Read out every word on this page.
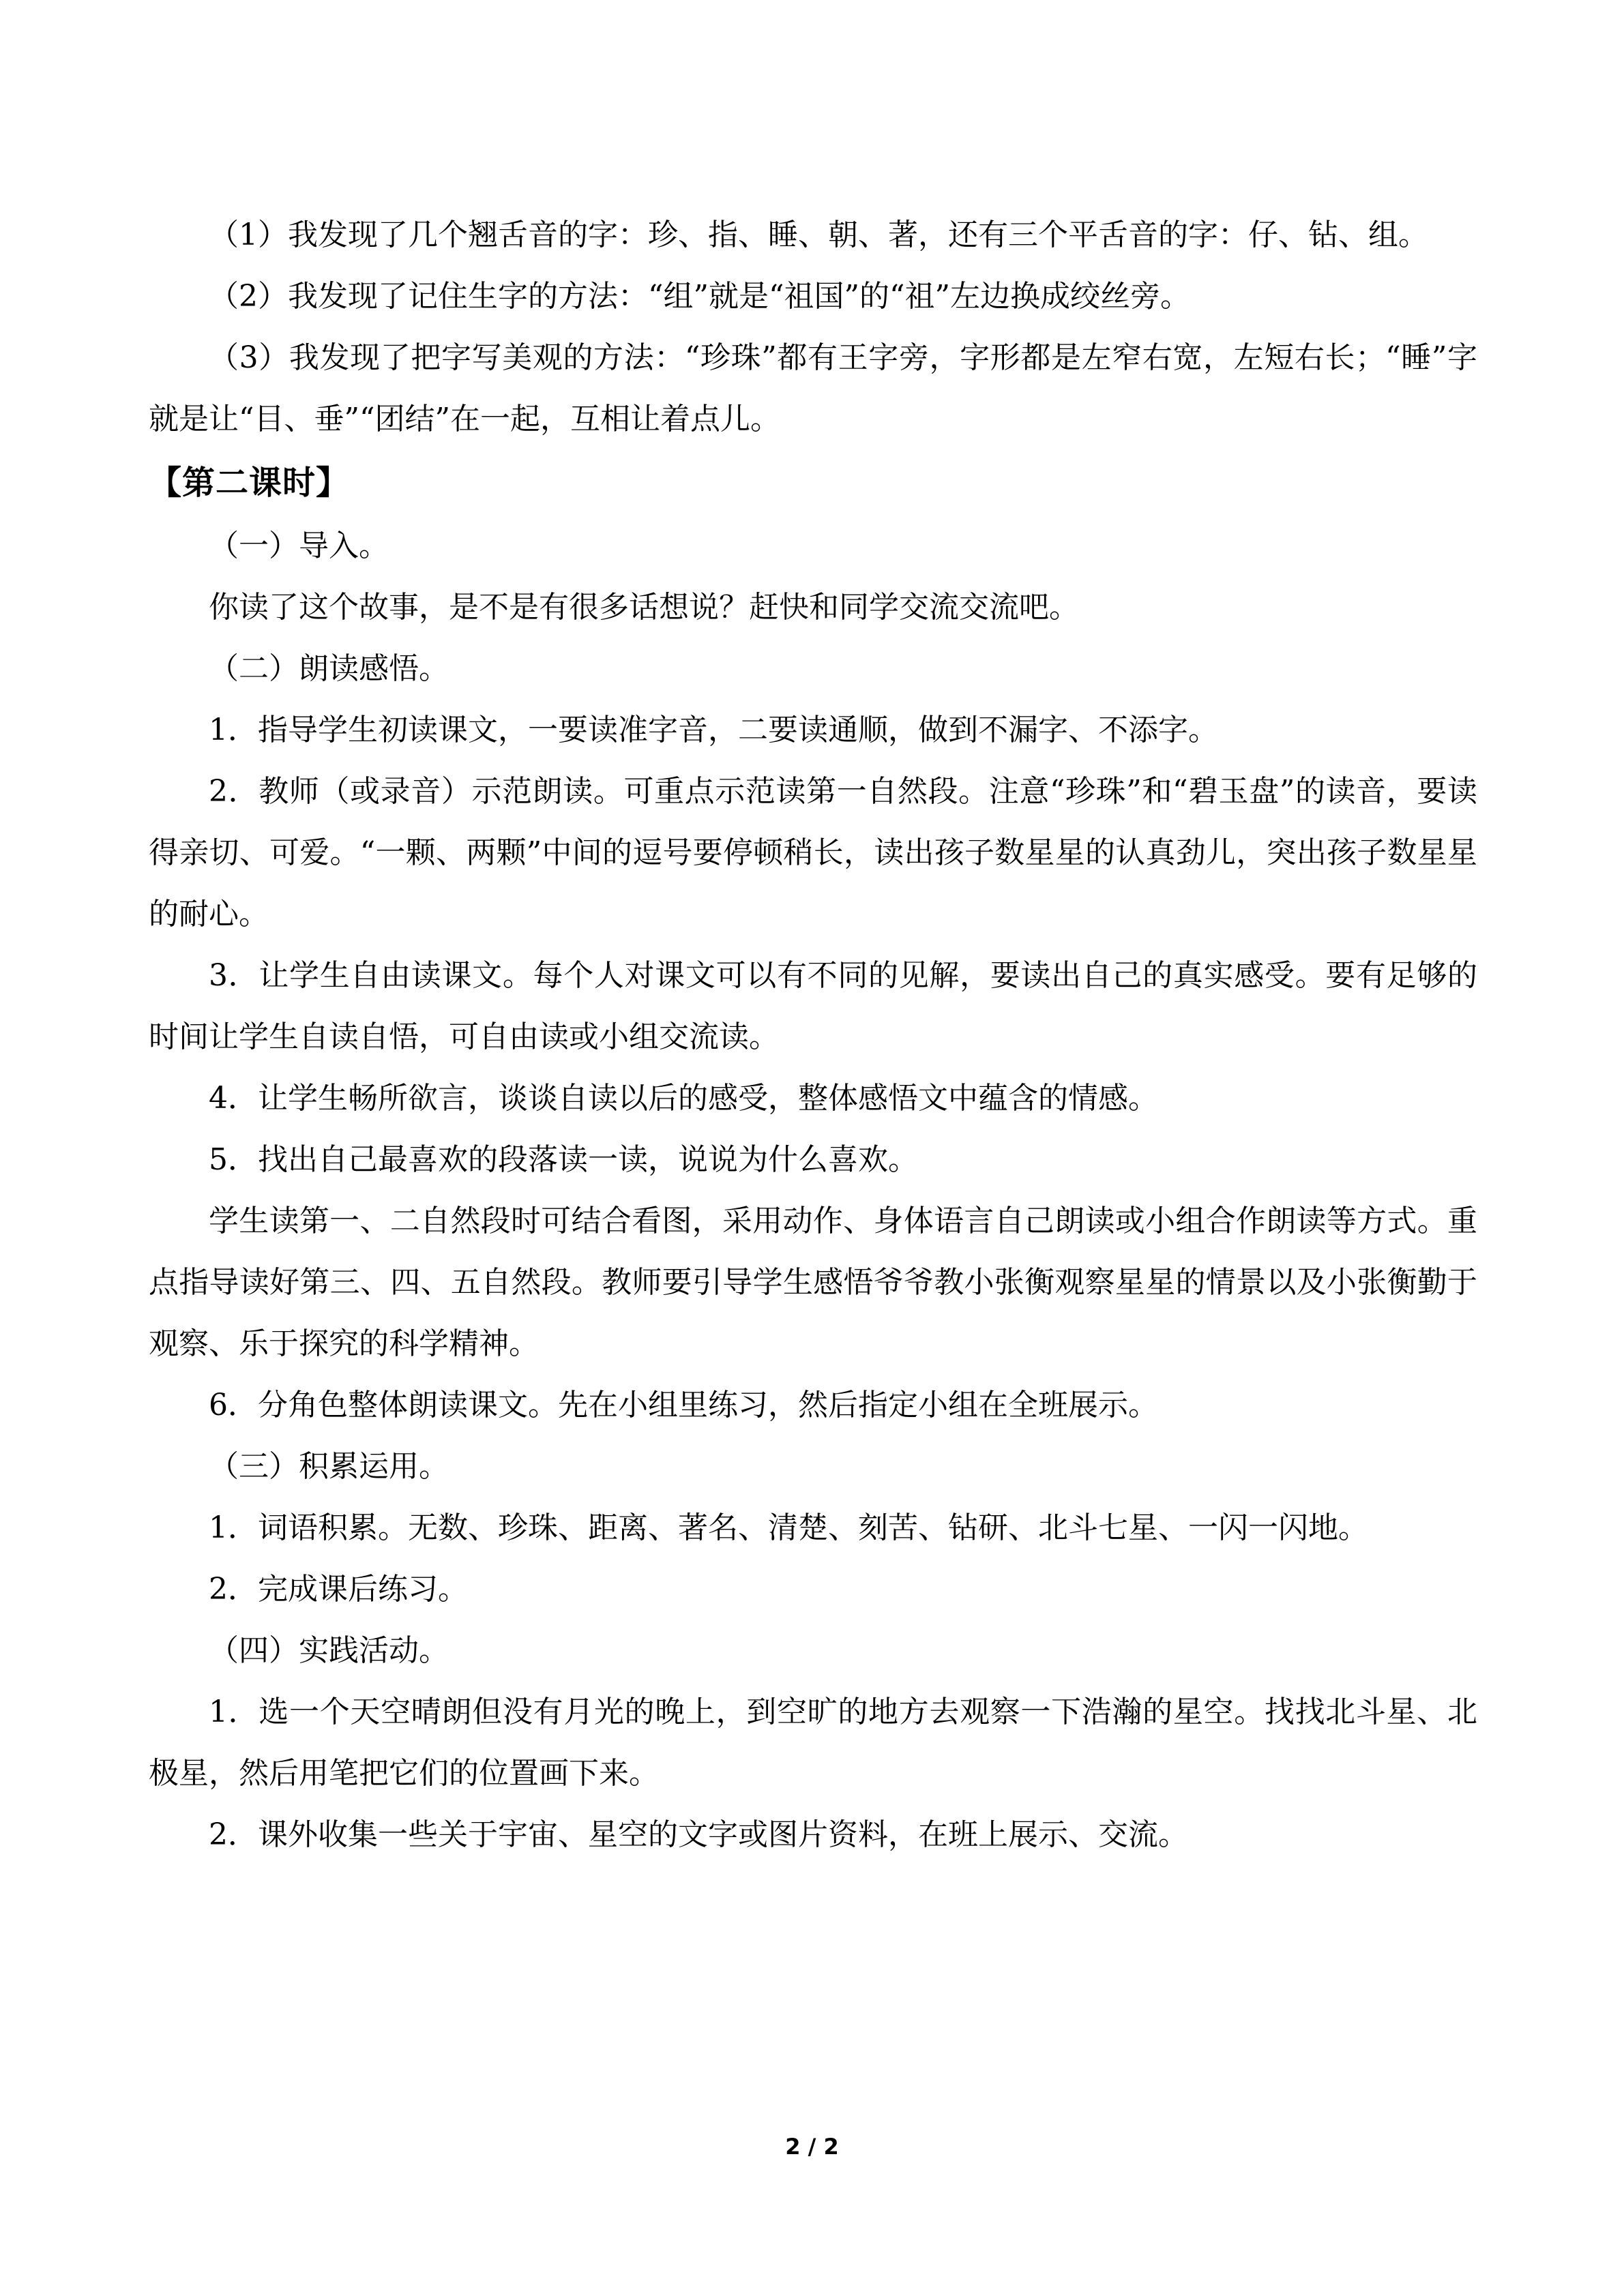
（1）我发现了几个翘舌音的字：珍、指、睡、朝、著，还有三个平舌音的字：仔、钻、组。

（2）我发现了记住生字的方法：“组”就是“祖国”的“祖”左边换成绞丝旁。

（3）我发现了把字写美观的方法：“珍珠”都有王字旁，字形都是左窄右宽，左短右长；“睡”字就是让“目、垂”“团结”在一起，互相让着点儿。

【第二课时】

（一）导入。

你读了这个故事，是不是有很多话想说？赶快和同学交流交流吧。

（二）朗读感悟。

1．指导学生初读课文，一要读准字音，二要读通顺，做到不漏字、不添字。

2．教师（或录音）示范朗读。可重点示范读第一自然段。注意“珍珠”和“碧玉盘”的读音，要读得亲切、可爱。“一颗、两颗”中间的逗号要停顿稍长，读出孩子数星星的认真劲儿，突出孩子数星星的耐心。

3．让学生自由读课文。每个人对课文可以有不同的见解，要读出自己的真实感受。要有足够的时间让学生自读自悟，可自由读或小组交流读。

4．让学生畅所欲言，谈谈自读以后的感受，整体感悟文中蕴含的情感。

5．找出自己最喜欢的段落读一读，说说为什么喜欢。

学生读第一、二自然段时可结合看图，采用动作、身体语言自己朗读或小组合作朗读等方式。重点指导读好第三、四、五自然段。教师要引导学生感悟爷爷教小张衡观察星星的情景以及小张衡勤于观察、乐于探究的科学精神。

6．分角色整体朗读课文。先在小组里练习，然后指定小组在全班展示。

（三）积累运用。

1．词语积累。无数、珍珠、距离、著名、清楚、刻苦、钻研、北斗七星、一闪一闪地。

2．完成课后练习。

（四）实践活动。

1．选一个天空晴朗但没有月光的晚上，到空旷的地方去观察一下浩瀚的星空。找找北斗星、北极星，然后用笔把它们的位置画下来。

2．课外收集一些关于宇宙、星空的文字或图片资料，在班上展示、交流。

2 / 2
